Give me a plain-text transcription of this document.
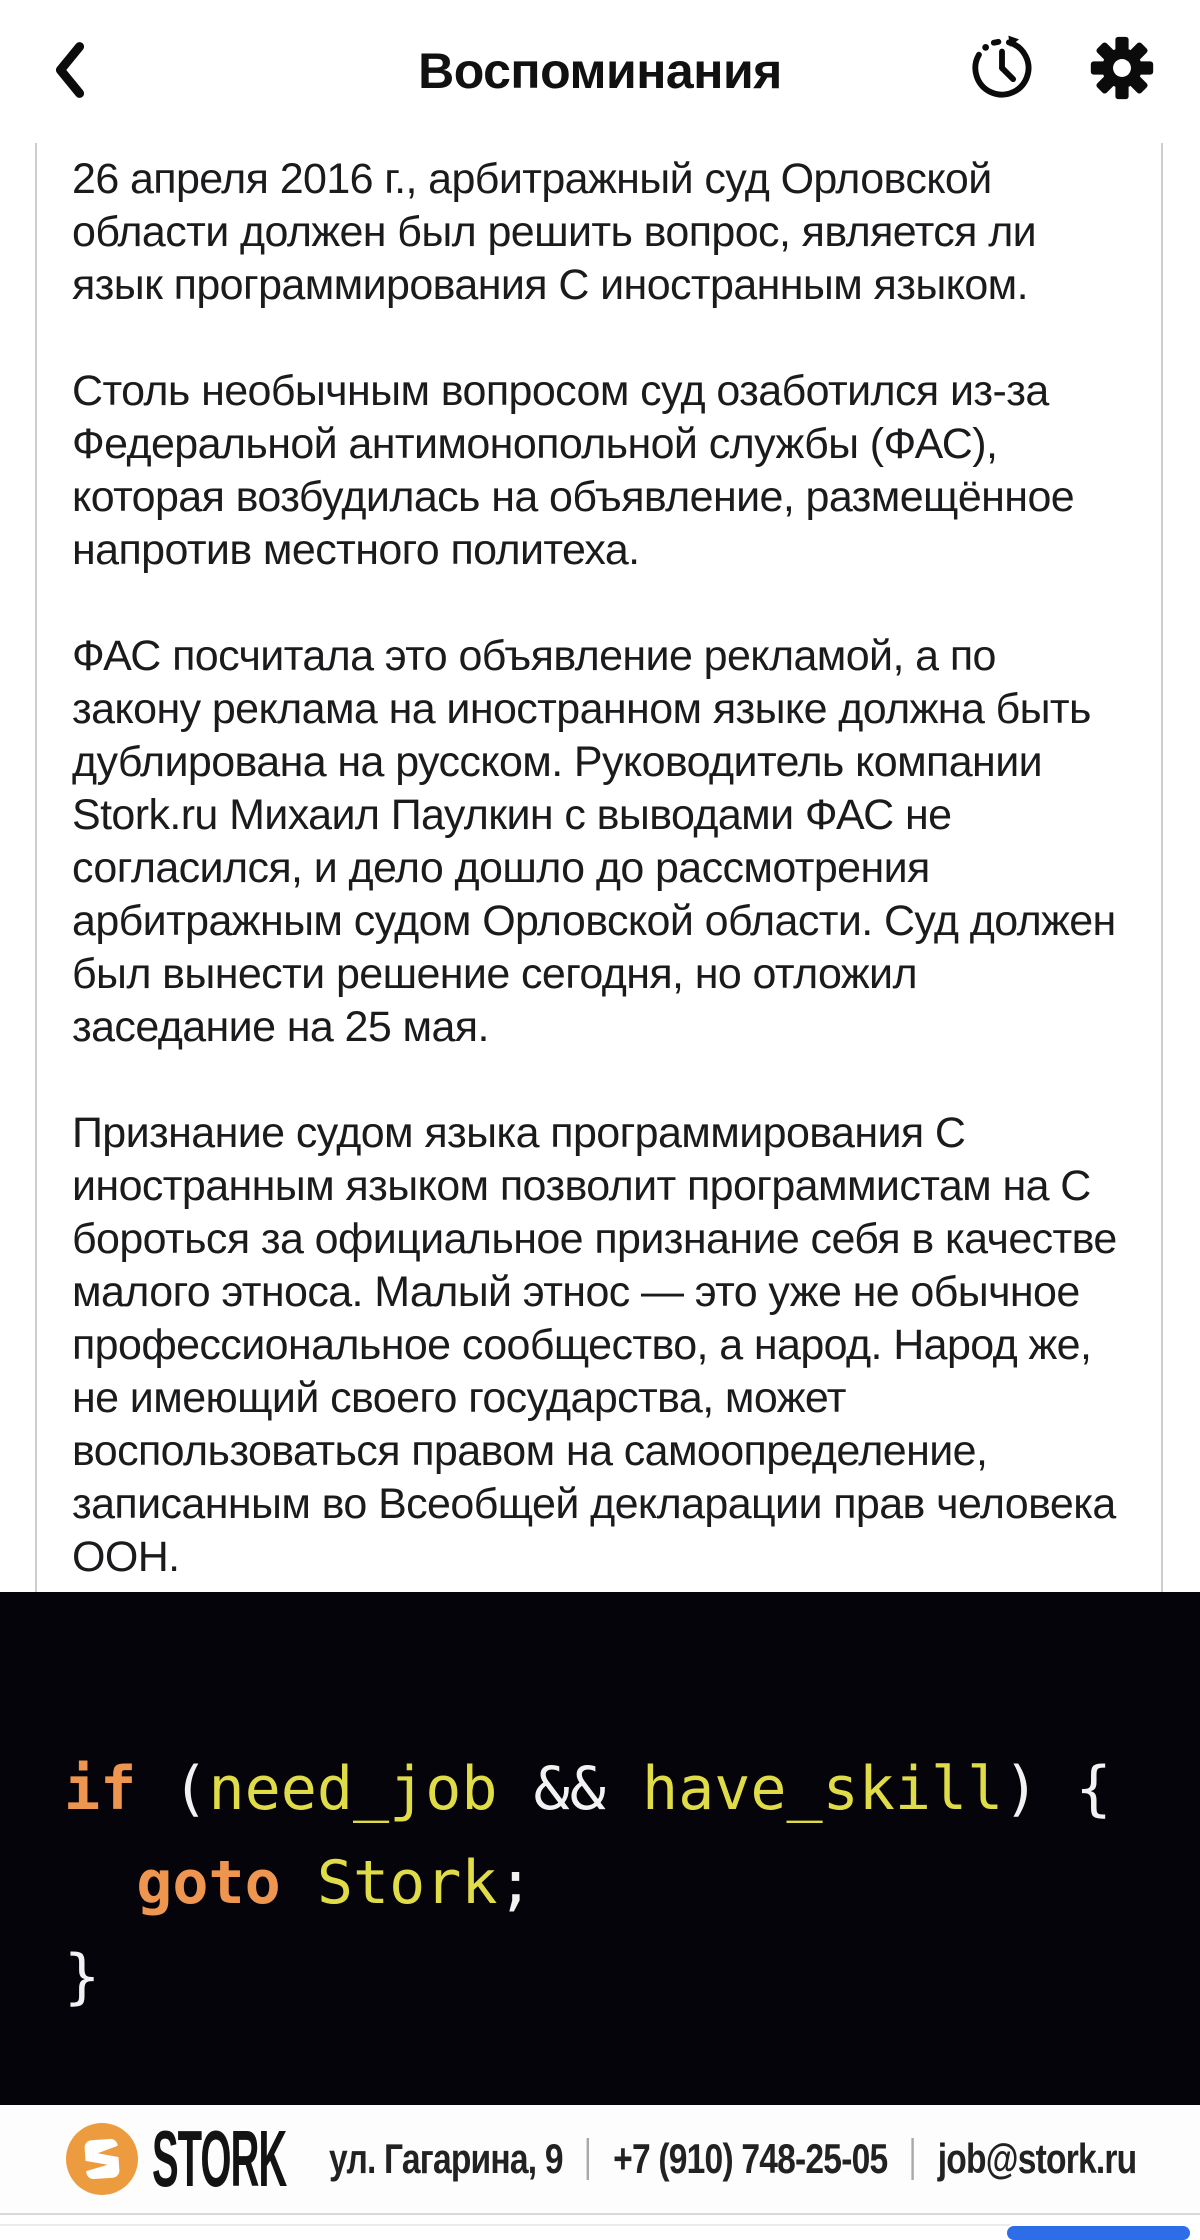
Воспоминания

26 апреля 2016 г., арбитражный суд Орловской области должен был решить вопрос, является ли язык программирования C иностранным языком.

Столь необычным вопросом суд озаботился из-за Федеральной антимонопольной службы (ФАС), которая возбудилась на объявление, размещённое напротив местного политеха.

ФАС посчитала это объявление рекламой, а по закону реклама на иностранном языке должна быть дублирована на русском. Руководитель компании Stork.ru Михаил Паулкин с выводами ФАС не согласился, и дело дошло до рассмотрения арбитражным судом Орловской области. Суд должен был вынести решение сегодня, но отложил заседание на 25 мая.

Признание судом языка программирования C иностранным языком позволит программистам на C бороться за официальное признание себя в качестве малого этноса. Малый этнос — это уже не обычное профессиональное сообщество, а народ. Народ же, не имеющий своего государства, может воспользоваться правом на самоопределение, записанным во Всеобщей декларации прав человека ООН.

if (need_job && have_skill) {
goto Stork;
}
STORK ул. Гагарина, 9 +7 (910) 748-25-05 job@stork.ru
